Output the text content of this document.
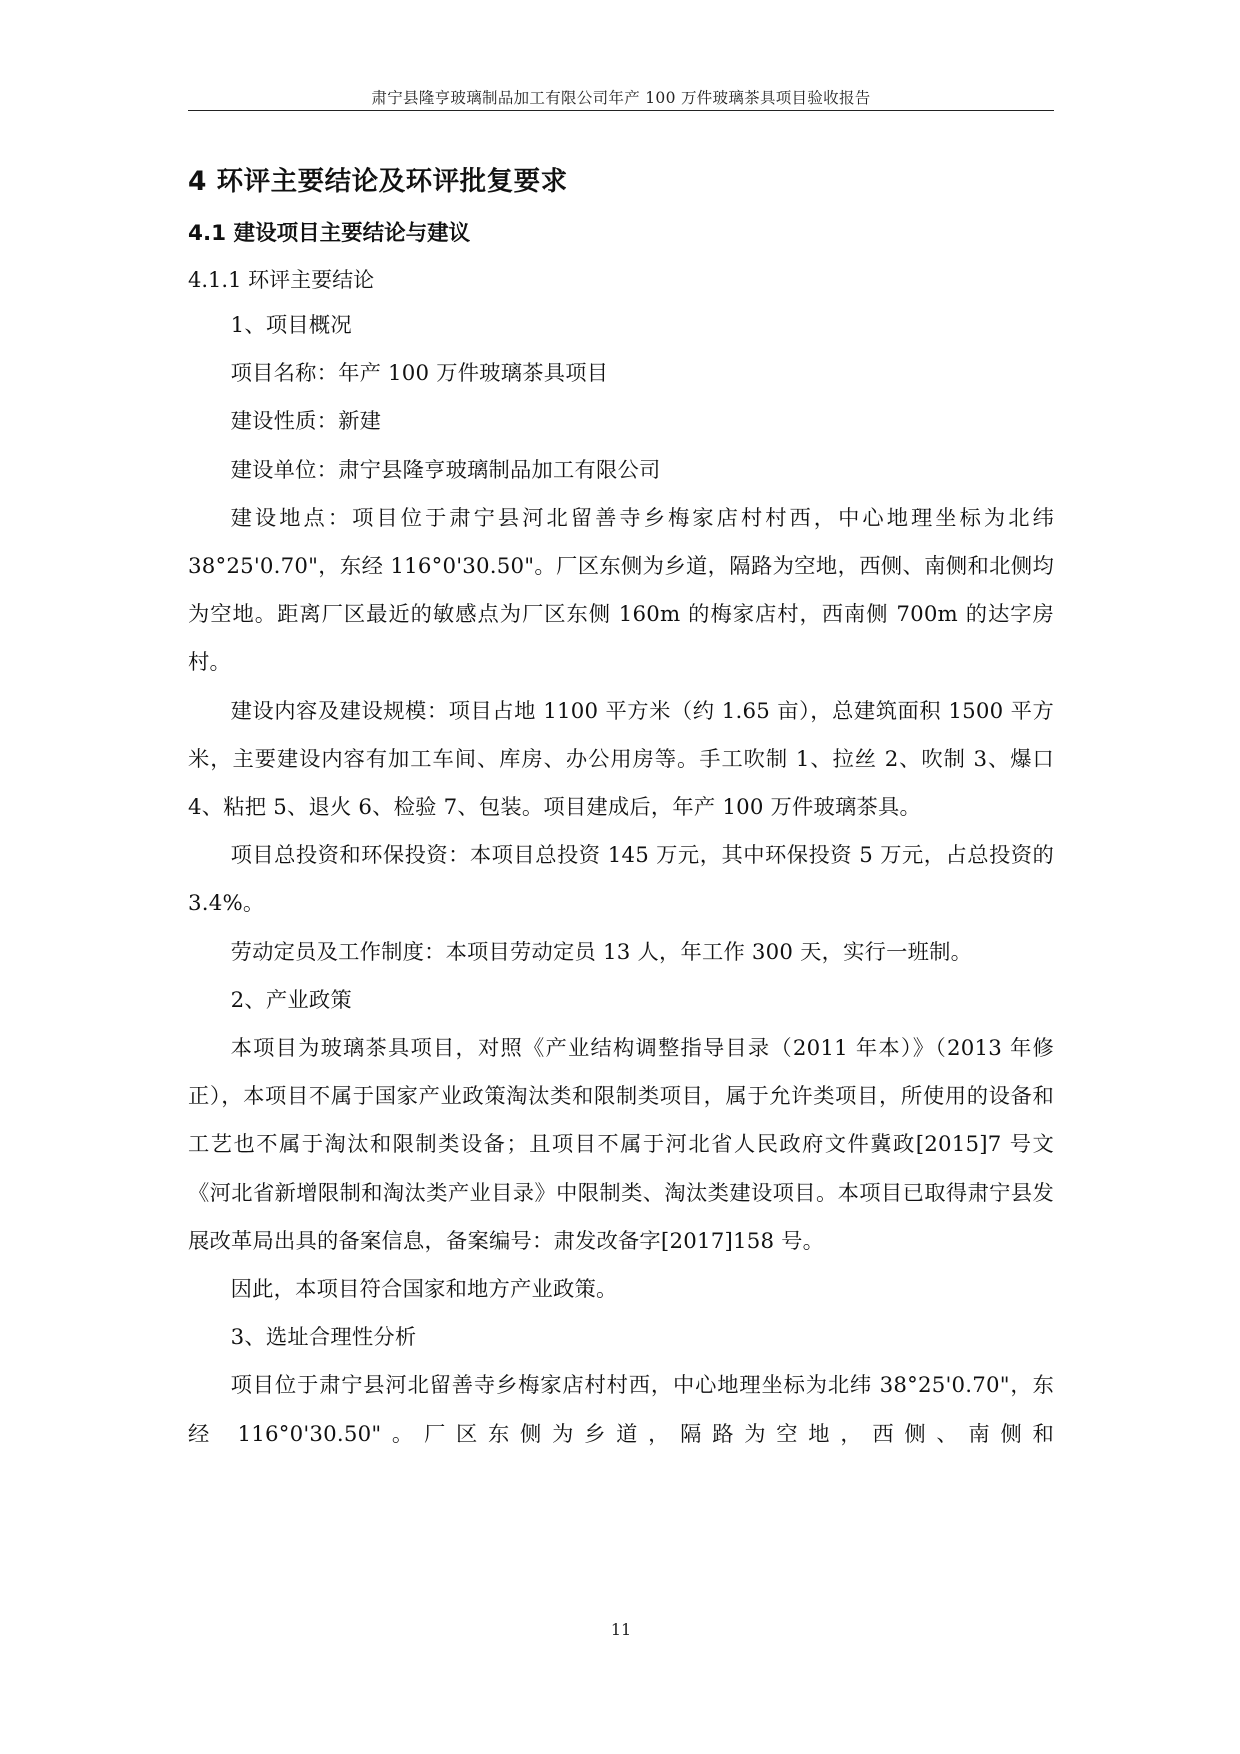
肃宁县隆亨玻璃制品加工有限公司年产 100 万件玻璃茶具项目验收报告
4 环评主要结论及环评批复要求
4.1 建设项目主要结论与建议
4.1.1 环评主要结论

1、项目概况

项目名称：年产 100 万件玻璃茶具项目

建设性质：新建

建设单位：肃宁县隆亨玻璃制品加工有限公司

建设地点：项目位于肃宁县河北留善寺乡梅家店村村西，中心地理坐标为北纬 38°25'0.70"，东经 116°0'30.50"。厂区东侧为乡道，隔路为空地，西侧、南侧和北侧均为空地。距离厂区最近的敏感点为厂区东侧 160m 的梅家店村，西南侧 700m 的达字房村。

建设内容及建设规模：项目占地 1100 平方米（约 1.65 亩），总建筑面积 1500 平方米，主要建设内容有加工车间、库房、办公用房等。手工吹制 1、拉丝 2、吹制 3、爆口 4、粘把 5、退火 6、检验 7、包装。项目建成后，年产 100 万件玻璃茶具。

项目总投资和环保投资：本项目总投资 145 万元，其中环保投资 5 万元，占总投资的 3.4%。

劳动定员及工作制度：本项目劳动定员 13 人，年工作 300 天，实行一班制。

2、产业政策

本项目为玻璃茶具项目，对照《产业结构调整指导目录（2011 年本）》（2013 年修正），本项目不属于国家产业政策淘汰类和限制类项目，属于允许类项目，所使用的设备和工艺也不属于淘汰和限制类设备；且项目不属于河北省人民政府文件冀政[2015]7 号文《河北省新增限制和淘汰类产业目录》中限制类、淘汰类建设项目。本项目已取得肃宁县发展改革局出具的备案信息，备案编号：肃发改备字[2017]158 号。

因此，本项目符合国家和地方产业政策。

3、选址合理性分析

项目位于肃宁县河北留善寺乡梅家店村村西，中心地理坐标为北纬 38°25'0.70"，东经 116°0'30.50"。厂区东侧为乡道，隔路为空地，西侧、南侧和

11
